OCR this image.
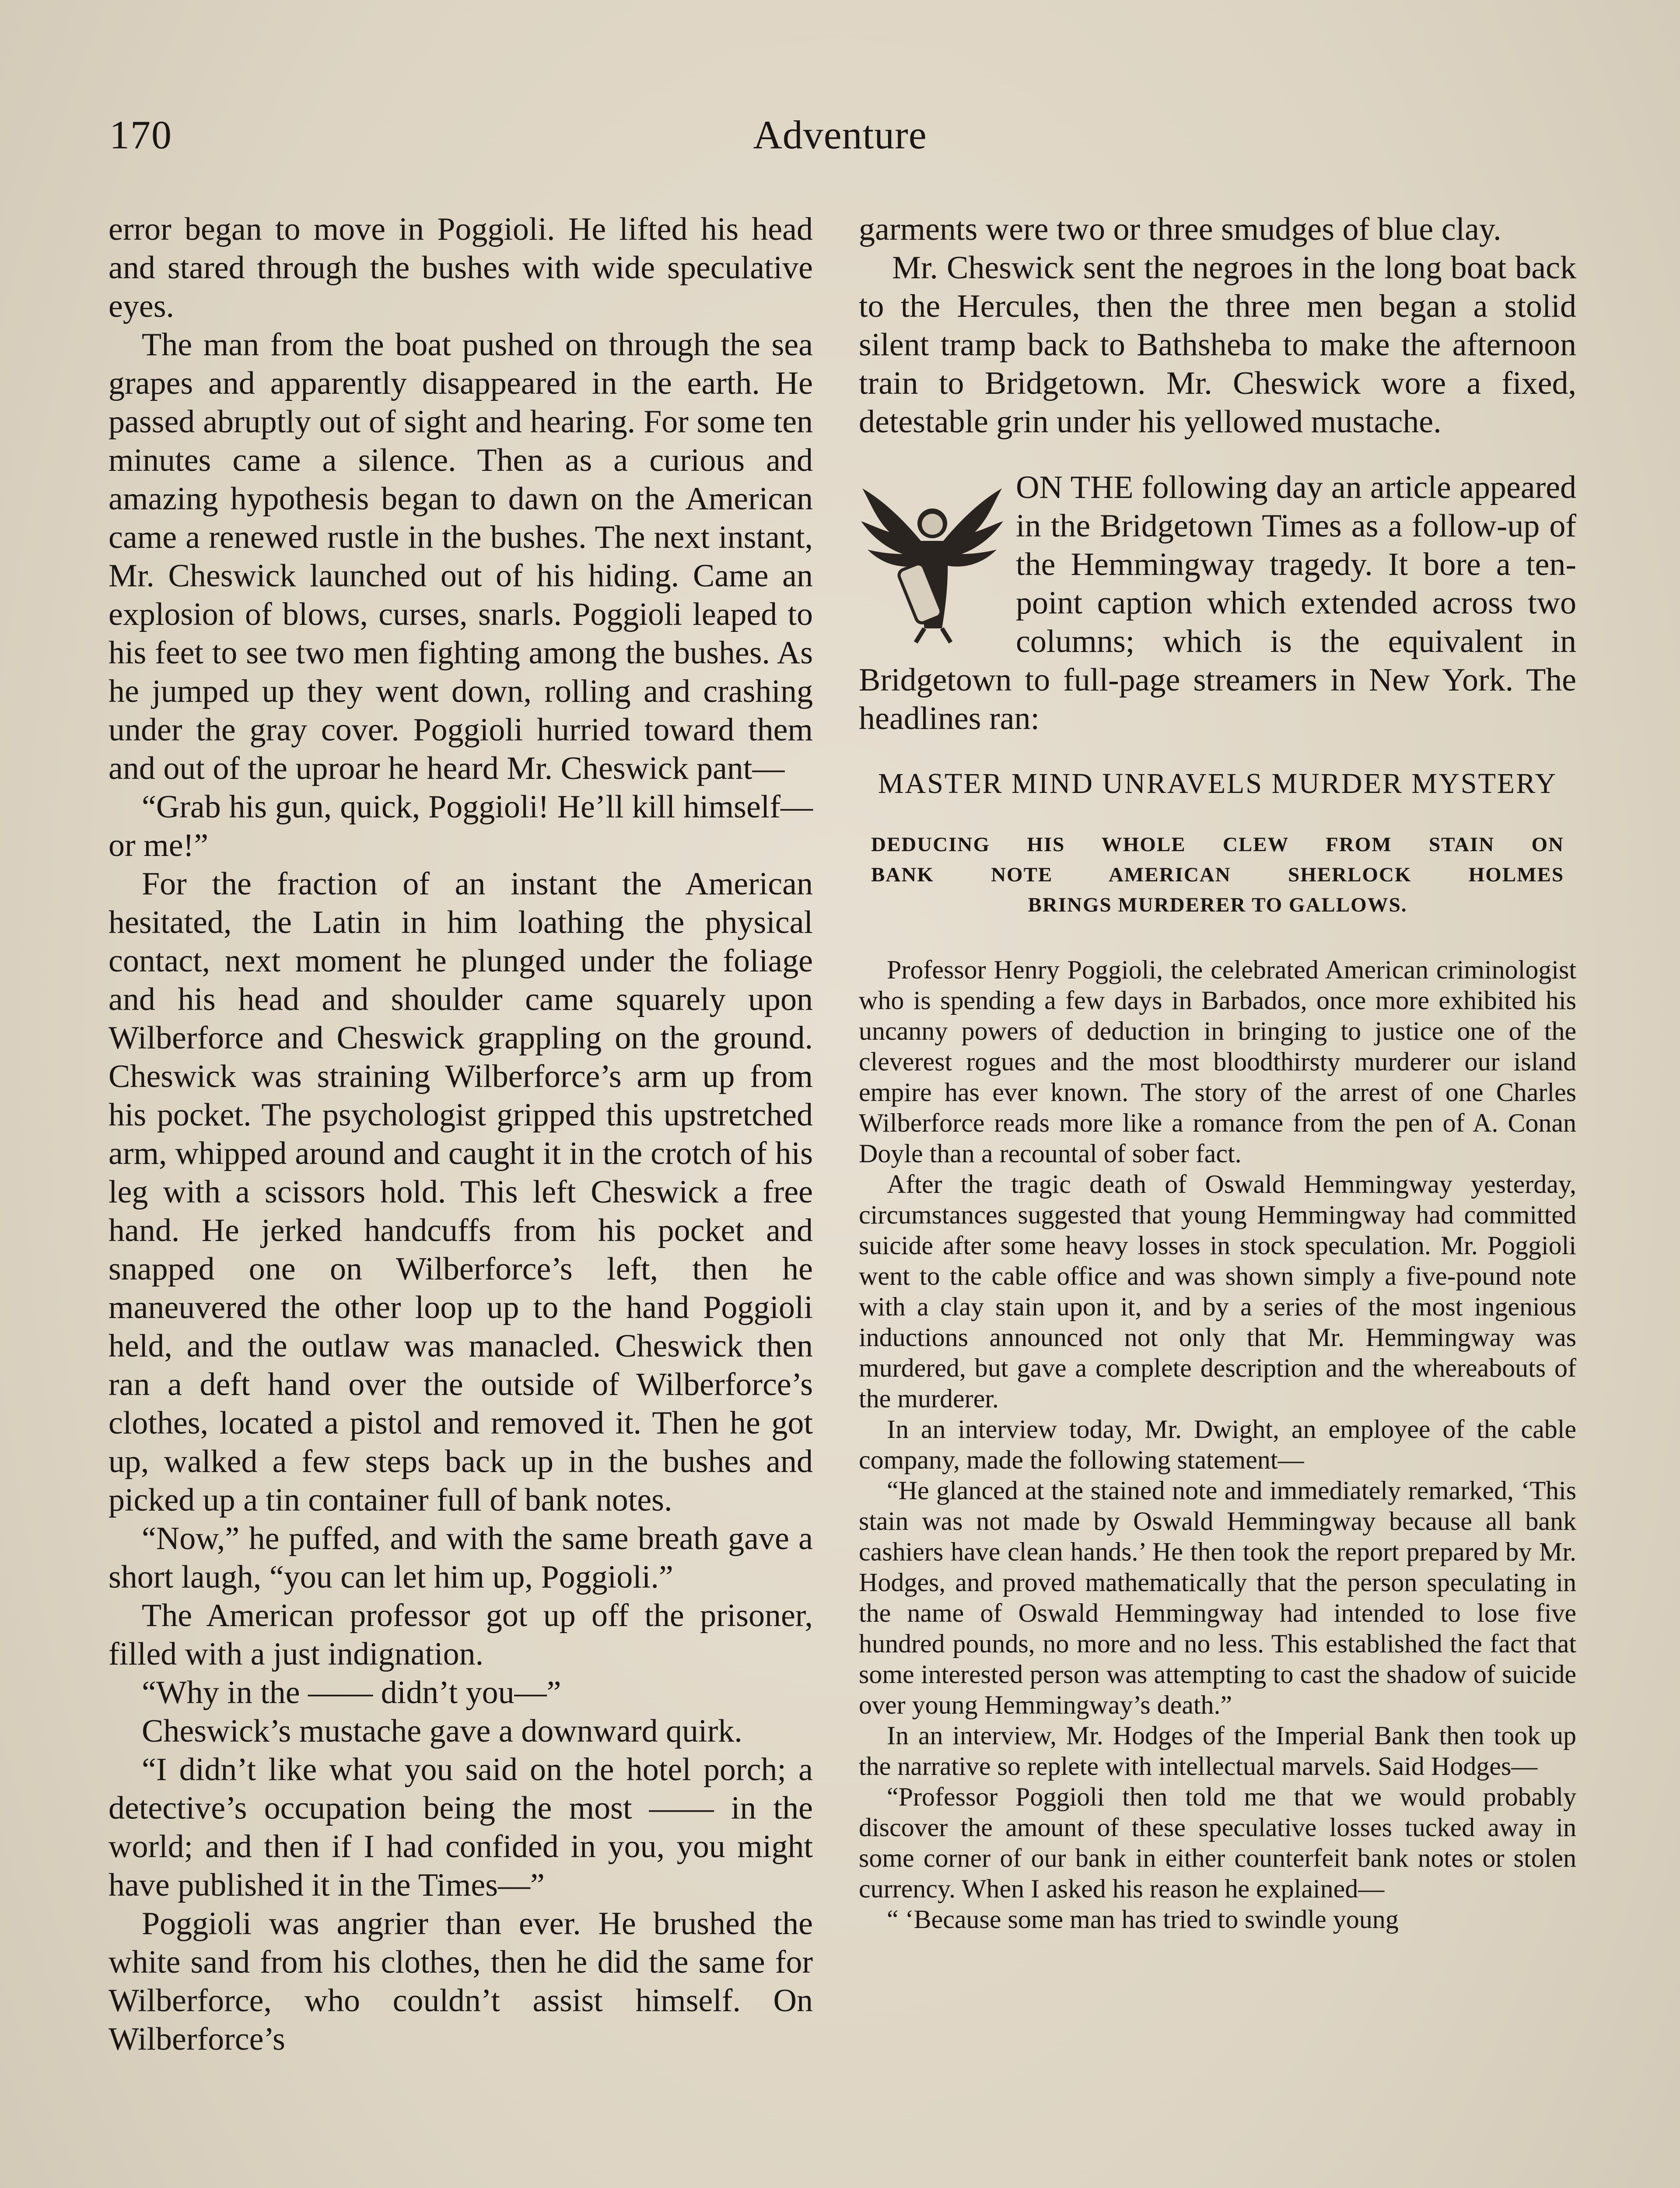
170	Adventure

error began to move in Poggioli. He lifted his head and stared through the bushes with wide speculative eyes.

The man from the boat pushed on through the sea grapes and apparently disappeared in the earth. He passed abruptly out of sight and hearing. For some ten minutes came a silence. Then as a curious and amazing hypothesis began to dawn on the American came a renewed rustle in the bushes. The next instant, Mr. Cheswick launched out of his hiding. Came an explosion of blows, curses, snarls. Poggioli leaped to his feet to see two men fighting among the bushes. As he jumped up they went down, rolling and crashing under the gray cover. Poggioli hurried toward them and out of the uproar he heard Mr. Cheswick pant—

“Grab his gun, quick, Poggioli! He’ll kill himself—or me!”

For the fraction of an instant the American hesitated, the Latin in him loathing the physical contact, next moment he plunged under the foliage and his head and shoulder came squarely upon Wilberforce and Cheswick grappling on the ground. Cheswick was straining Wilberforce’s arm up from his pocket. The psychologist gripped this upstretched arm, whipped around and caught it in the crotch of his leg with a scissors hold. This left Cheswick a free hand. He jerked handcuffs from his pocket and snapped one on Wilberforce’s left, then he maneuvered the other loop up to the hand Poggioli held, and the outlaw was manacled. Cheswick then ran a deft hand over the outside of Wilberforce’s clothes, located a pistol and removed it. Then he got up, walked a few steps back up in the bushes and picked up a tin container full of bank notes.

“Now,” he puffed, and with the same breath gave a short laugh, “you can let him up, Poggioli.”

The American professor got up off the prisoner, filled with a just indignation.

“Why in the —— didn’t you—”

Cheswick’s mustache gave a downward quirk.

“I didn’t like what you said on the hotel porch; a detective’s occupation being the most —— in the world; and then if I had confided in you, you might have published it in the Times—”

Poggioli was angrier than ever. He brushed the white sand from his clothes, then he did the same for Wilberforce, who couldn’t assist himself. On Wilberforce’s

garments were two or three smudges of blue clay.

Mr. Cheswick sent the negroes in the long boat back to the Hercules, then the three men began a stolid silent tramp back to Bathsheba to make the afternoon train to Bridgetown. Mr. Cheswick wore a fixed, detestable grin under his yellowed mustache.

ON THE following day an article appeared in the Bridgetown Times as a follow-up of the Hemmingway tragedy. It bore a ten-point caption which extended across two columns; which is the equivalent in Bridgetown to full-page streamers in New York. The headlines ran:

MASTER MIND UNRAVELS MURDER MYSTERY
DEDUCING HIS WHOLE CLEW FROM STAIN ON
BANK NOTE AMERICAN SHERLOCK HOLMES
BRINGS MURDERER TO GALLOWS.

Professor Henry Poggioli, the celebrated American criminologist who is spending a few days in Barbados, once more exhibited his uncanny powers of deduction in bringing to justice one of the cleverest rogues and the most bloodthirsty murderer our island empire has ever known. The story of the arrest of one Charles Wilberforce reads more like a romance from the pen of A. Conan Doyle than a recountal of sober fact.

After the tragic death of Oswald Hemmingway yesterday, circumstances suggested that young Hemmingway had committed suicide after some heavy losses in stock speculation. Mr. Poggioli went to the cable office and was shown simply a five-pound note with a clay stain upon it, and by a series of the most ingenious inductions announced not only that Mr. Hemmingway was murdered, but gave a complete description and the whereabouts of the murderer.

In an interview today, Mr. Dwight, an employee of the cable company, made the following statement—

“He glanced at the stained note and immediately remarked, ‘This stain was not made by Oswald Hemmingway because all bank cashiers have clean hands.’ He then took the report prepared by Mr. Hodges, and proved mathematically that the person speculating in the name of Oswald Hemmingway had intended to lose five hundred pounds, no more and no less. This established the fact that some interested person was attempting to cast the shadow of suicide over young Hemmingway’s death.”

In an interview, Mr. Hodges of the Imperial Bank then took up the narrative so replete with intellectual marvels. Said Hodges—

“Professor Poggioli then told me that we would probably discover the amount of these speculative losses tucked away in some corner of our bank in either counterfeit bank notes or stolen currency. When I asked his reason he explained—

“ ‘Because some man has tried to swindle young
